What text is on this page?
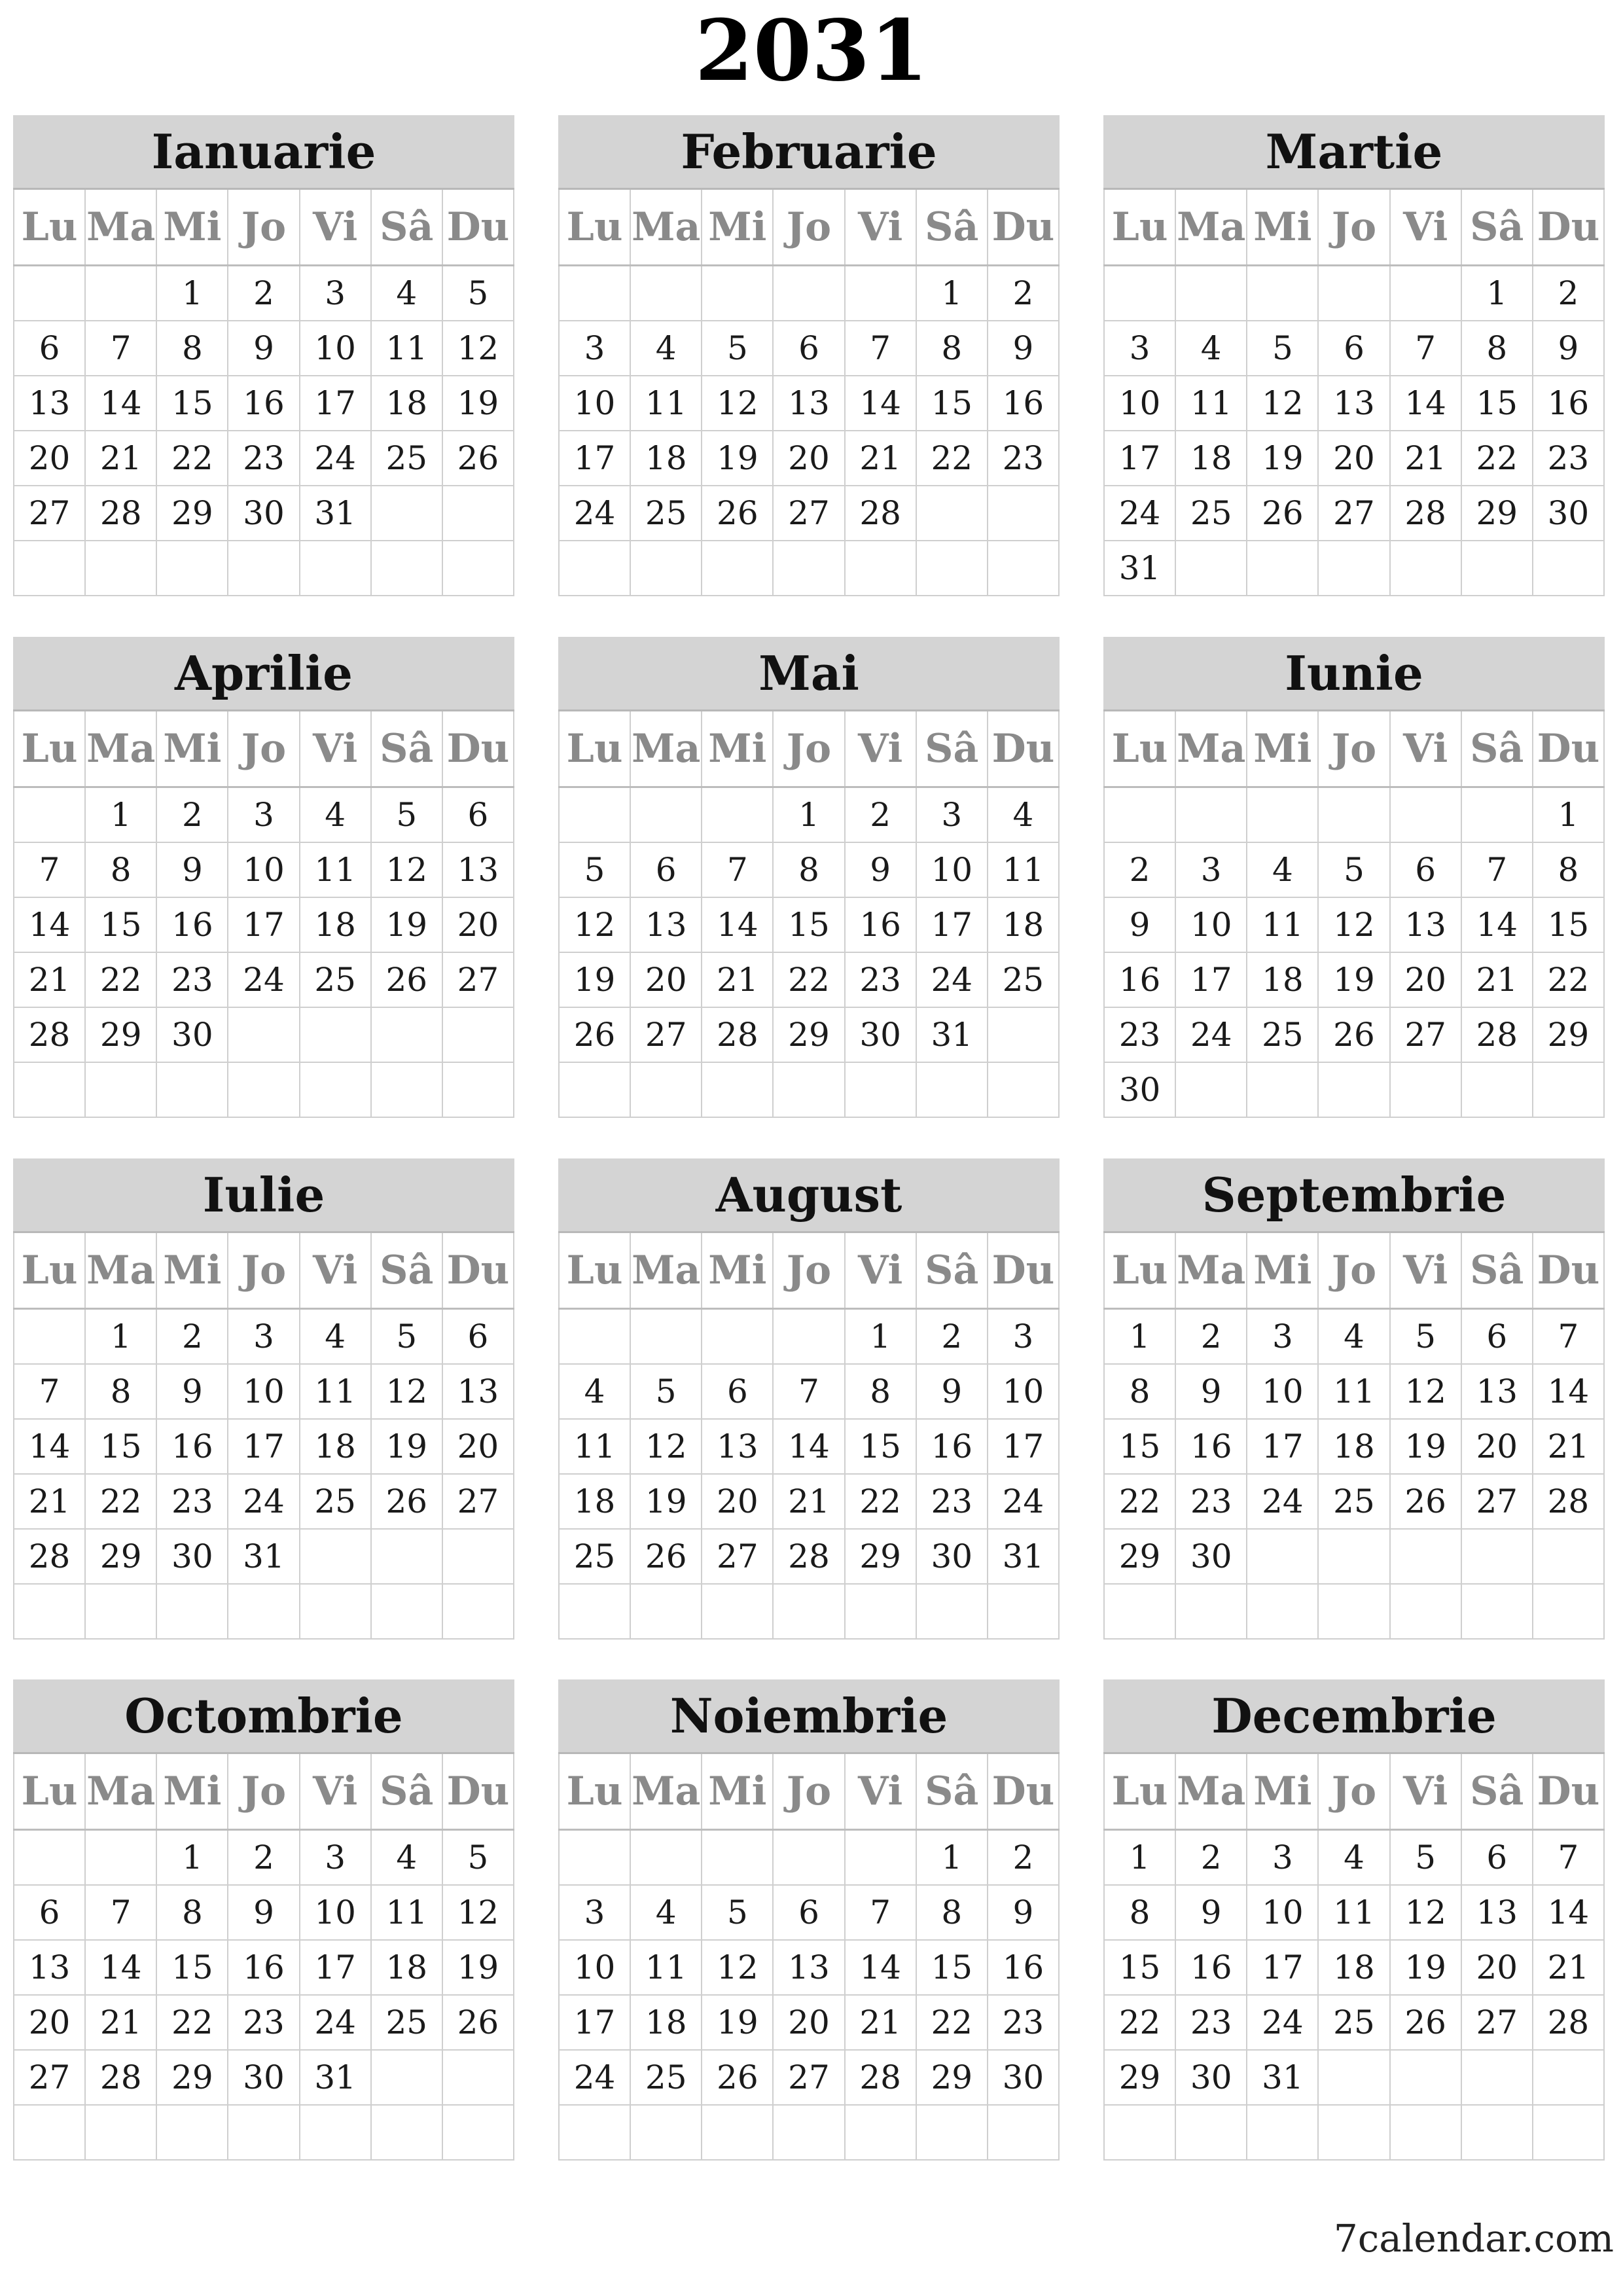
2031
Ianuarie
Lu	Ma	Mi	Jo	Vi	Sâ	Du
		1	2	3	4	5
6	7	8	9	10	11	12
13	14	15	16	17	18	19
20	21	22	23	24	25	26
27	28	29	30	31		

Februarie
Lu	Ma	Mi	Jo	Vi	Sâ	Du
					1	2
3	4	5	6	7	8	9
10	11	12	13	14	15	16
17	18	19	20	21	22	23
24	25	26	27	28		

Martie
Lu	Ma	Mi	Jo	Vi	Sâ	Du
					1	2
3	4	5	6	7	8	9
10	11	12	13	14	15	16
17	18	19	20	21	22	23
24	25	26	27	28	29	30
31						
Aprilie
Lu	Ma	Mi	Jo	Vi	Sâ	Du
	1	2	3	4	5	6
7	8	9	10	11	12	13
14	15	16	17	18	19	20
21	22	23	24	25	26	27
28	29	30				

Mai
Lu	Ma	Mi	Jo	Vi	Sâ	Du
			1	2	3	4
5	6	7	8	9	10	11
12	13	14	15	16	17	18
19	20	21	22	23	24	25
26	27	28	29	30	31	

Iunie
Lu	Ma	Mi	Jo	Vi	Sâ	Du
						1
2	3	4	5	6	7	8
9	10	11	12	13	14	15
16	17	18	19	20	21	22
23	24	25	26	27	28	29
30						
Iulie
Lu	Ma	Mi	Jo	Vi	Sâ	Du
	1	2	3	4	5	6
7	8	9	10	11	12	13
14	15	16	17	18	19	20
21	22	23	24	25	26	27
28	29	30	31			

August
Lu	Ma	Mi	Jo	Vi	Sâ	Du
				1	2	3
4	5	6	7	8	9	10
11	12	13	14	15	16	17
18	19	20	21	22	23	24
25	26	27	28	29	30	31

Septembrie
Lu	Ma	Mi	Jo	Vi	Sâ	Du
1	2	3	4	5	6	7
8	9	10	11	12	13	14
15	16	17	18	19	20	21
22	23	24	25	26	27	28
29	30					

Octombrie
Lu	Ma	Mi	Jo	Vi	Sâ	Du
		1	2	3	4	5
6	7	8	9	10	11	12
13	14	15	16	17	18	19
20	21	22	23	24	25	26
27	28	29	30	31		

Noiembrie
Lu	Ma	Mi	Jo	Vi	Sâ	Du
					1	2
3	4	5	6	7	8	9
10	11	12	13	14	15	16
17	18	19	20	21	22	23
24	25	26	27	28	29	30

Decembrie
Lu	Ma	Mi	Jo	Vi	Sâ	Du
1	2	3	4	5	6	7
8	9	10	11	12	13	14
15	16	17	18	19	20	21
22	23	24	25	26	27	28
29	30	31				

7calendar.com
